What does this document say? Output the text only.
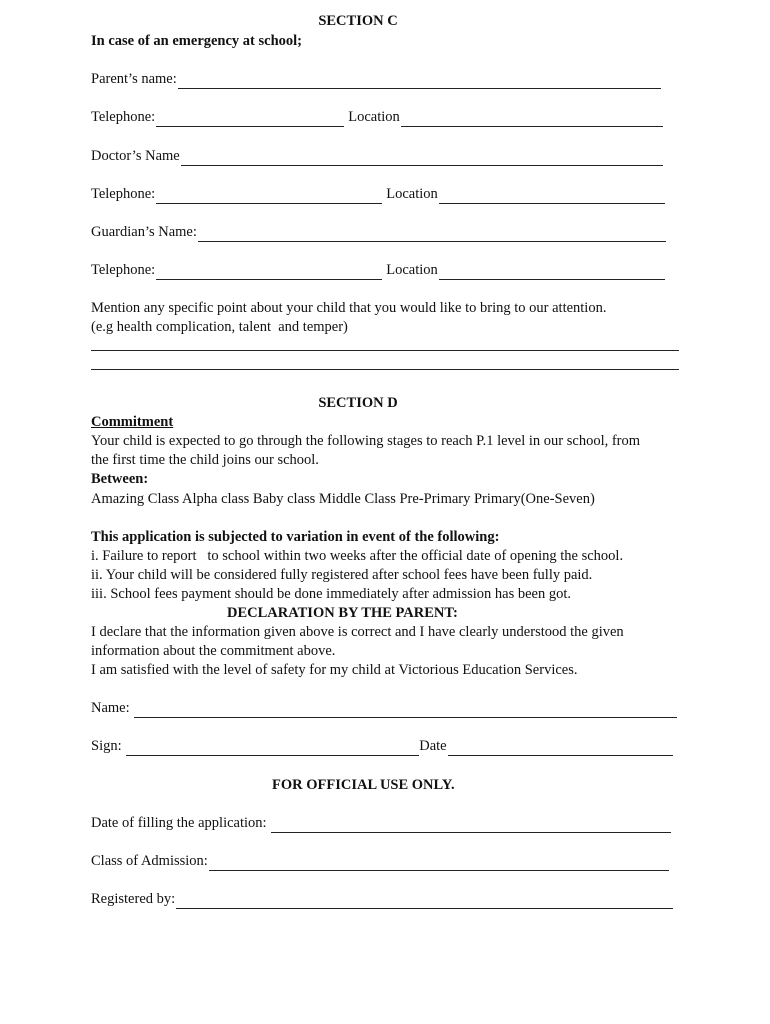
SECTION C
In case of an emergency at school;
Parent’s name:
Telephone:	Location
Doctor’s Name
Telephone:	Location
Guardian’s Name:
Telephone:	Location
Mention any specific point about your child that you would like to bring to our attention.
(e.g health complication, talent  and temper)
SECTION D
Commitment
Your child is expected to go through the following stages to reach P.1 level in our school, from
the first time the child joins our school.
Between:
Amazing Class Alpha class Baby class Middle Class Pre-Primary Primary(One-Seven)
This application is subjected to variation in event of the following:
i. Failure to report   to school within two weeks after the official date of opening the school.
ii. Your child will be considered fully registered after school fees have been fully paid.
iii. School fees payment should be done immediately after admission has been got.
DECLARATION BY THE PARENT:
I declare that the information given above is correct and I have clearly understood the given
information about the commitment above.
I am satisfied with the level of safety for my child at Victorious Education Services.
Name:
Sign:	Date
FOR OFFICIAL USE ONLY.
Date of filling the application:
Class of Admission:
Registered by:
